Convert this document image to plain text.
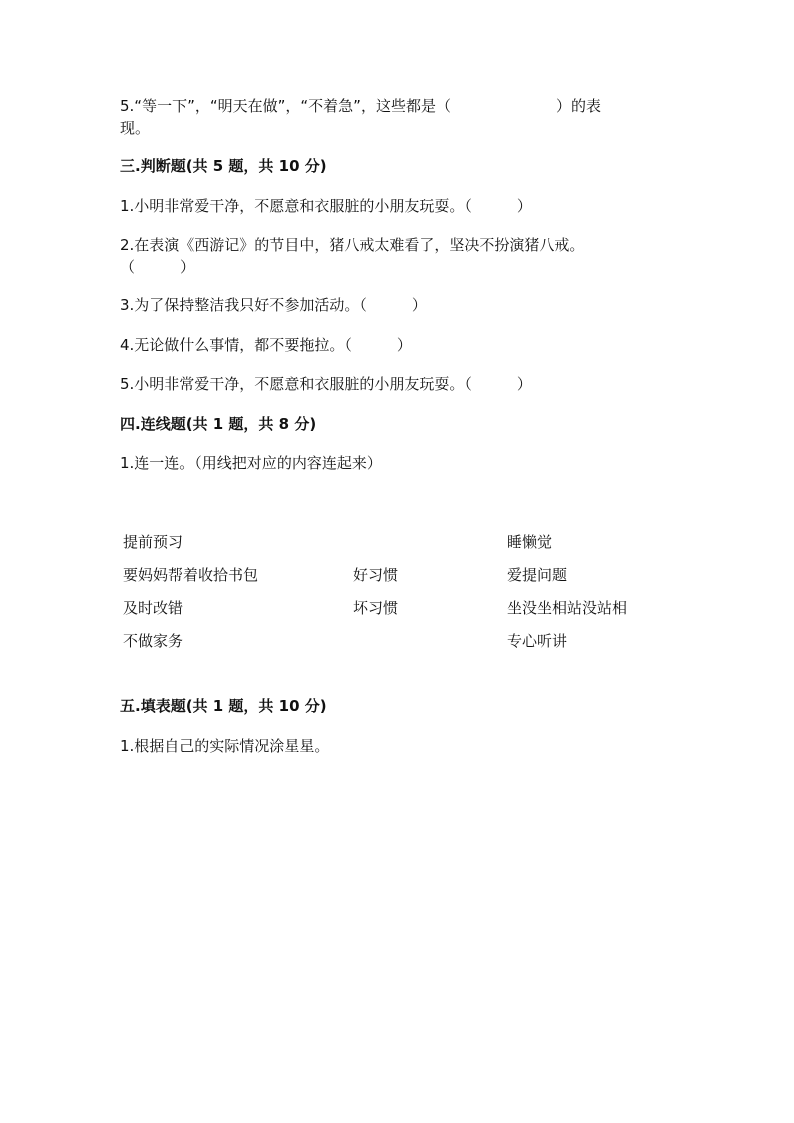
5.“等一下”，“明天在做”，“不着急”，这些都是（　　　　　　　）的表
现。
三.判断题(共 5 题，共 10 分)
1.小明非常爱干净，不愿意和衣服脏的小朋友玩耍。（　　　）
2.在表演《西游记》的节目中，猪八戒太难看了，坚决不扮演猪八戒。
（　　　）
3.为了保持整洁我只好不参加活动。（　　　）
4.无论做什么事情，都不要拖拉。（　　　）
5.小明非常爱干净，不愿意和衣服脏的小朋友玩耍。（　　　）
四.连线题(共 1 题，共 8 分)
1.连一连。（用线把对应的内容连起来）
提前预习
要妈妈帮着收拾书包
及时改错
不做家务
好习惯
坏习惯
睡懒觉
爱提问题
坐没坐相站没站相
专心听讲
五.填表题(共 1 题，共 10 分)
1.根据自己的实际情况涂星星。
